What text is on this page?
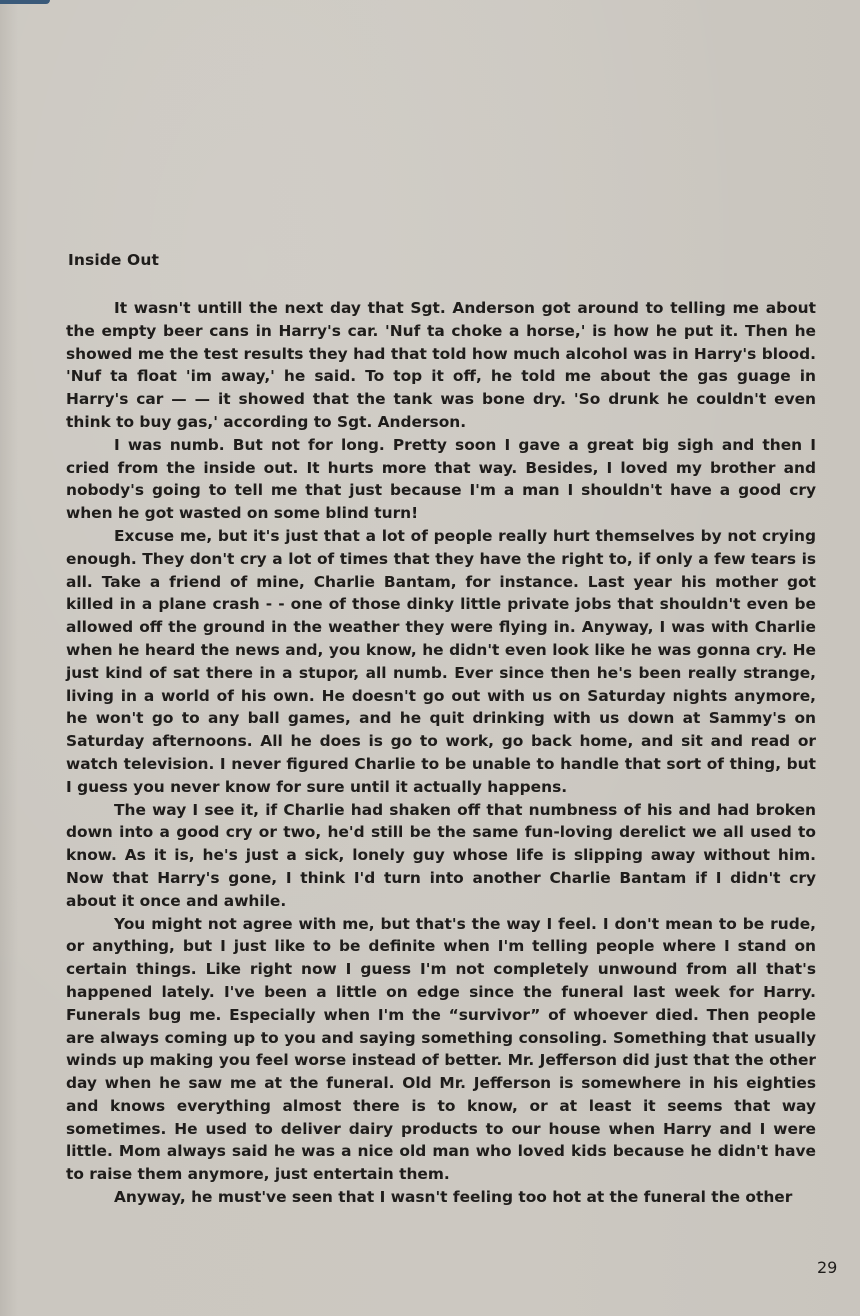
Inside Out

It wasn't untill the next day that Sgt. Anderson got around to telling me about the empty beer cans in Harry's car. 'Nuf ta choke a horse,' is how he put it. Then he showed me the test results they had that told how much alcohol was in Harry's blood. 'Nuf ta float 'im away,' he said. To top it off, he told me about the gas guage in Harry's car — — it showed that the tank was bone dry. 'So drunk he couldn't even think to buy gas,' according to Sgt. Anderson.

I was numb. But not for long. Pretty soon I gave a great big sigh and then I cried from the inside out. It hurts more that way. Besides, I loved my brother and nobody's going to tell me that just because I'm a man I shouldn't have a good cry when he got wasted on some blind turn!

Excuse me, but it's just that a lot of people really hurt themselves by not crying enough. They don't cry a lot of times that they have the right to, if only a few tears is all. Take a friend of mine, Charlie Bantam, for instance. Last year his mother got killed in a plane crash - - one of those dinky little private jobs that shouldn't even be allowed off the ground in the weather they were flying in. Anyway, I was with Charlie when he heard the news and, you know, he didn't even look like he was gonna cry. He just kind of sat there in a stupor, all numb. Ever since then he's been really strange, living in a world of his own. He doesn't go out with us on Saturday nights anymore, he won't go to any ball games, and he quit drinking with us down at Sammy's on Saturday afternoons. All he does is go to work, go back home, and sit and read or watch television. I never figured Charlie to be unable to handle that sort of thing, but I guess you never know for sure until it actually happens.

The way I see it, if Charlie had shaken off that numbness of his and had broken down into a good cry or two, he'd still be the same fun-loving derelict we all used to know. As it is, he's just a sick, lonely guy whose life is slipping away without him. Now that Harry's gone, I think I'd turn into another Charlie Bantam if I didn't cry about it once and awhile.

You might not agree with me, but that's the way I feel. I don't mean to be rude, or anything, but I just like to be definite when I'm telling people where I stand on certain things. Like right now I guess I'm not completely unwound from all that's happened lately. I've been a little on edge since the funeral last week for Harry. Funerals bug me. Especially when I'm the “survivor” of whoever died. Then people are always coming up to you and saying something consoling. Something that usually winds up making you feel worse instead of better. Mr. Jefferson did just that the other day when he saw me at the funeral. Old Mr. Jefferson is somewhere in his eighties and knows everything almost there is to know, or at least it seems that way sometimes. He used to deliver dairy products to our house when Harry and I were little. Mom always said he was a nice old man who loved kids because he didn't have to raise them anymore, just entertain them.

Anyway, he must've seen that I wasn't feeling too hot at the funeral the other

29
